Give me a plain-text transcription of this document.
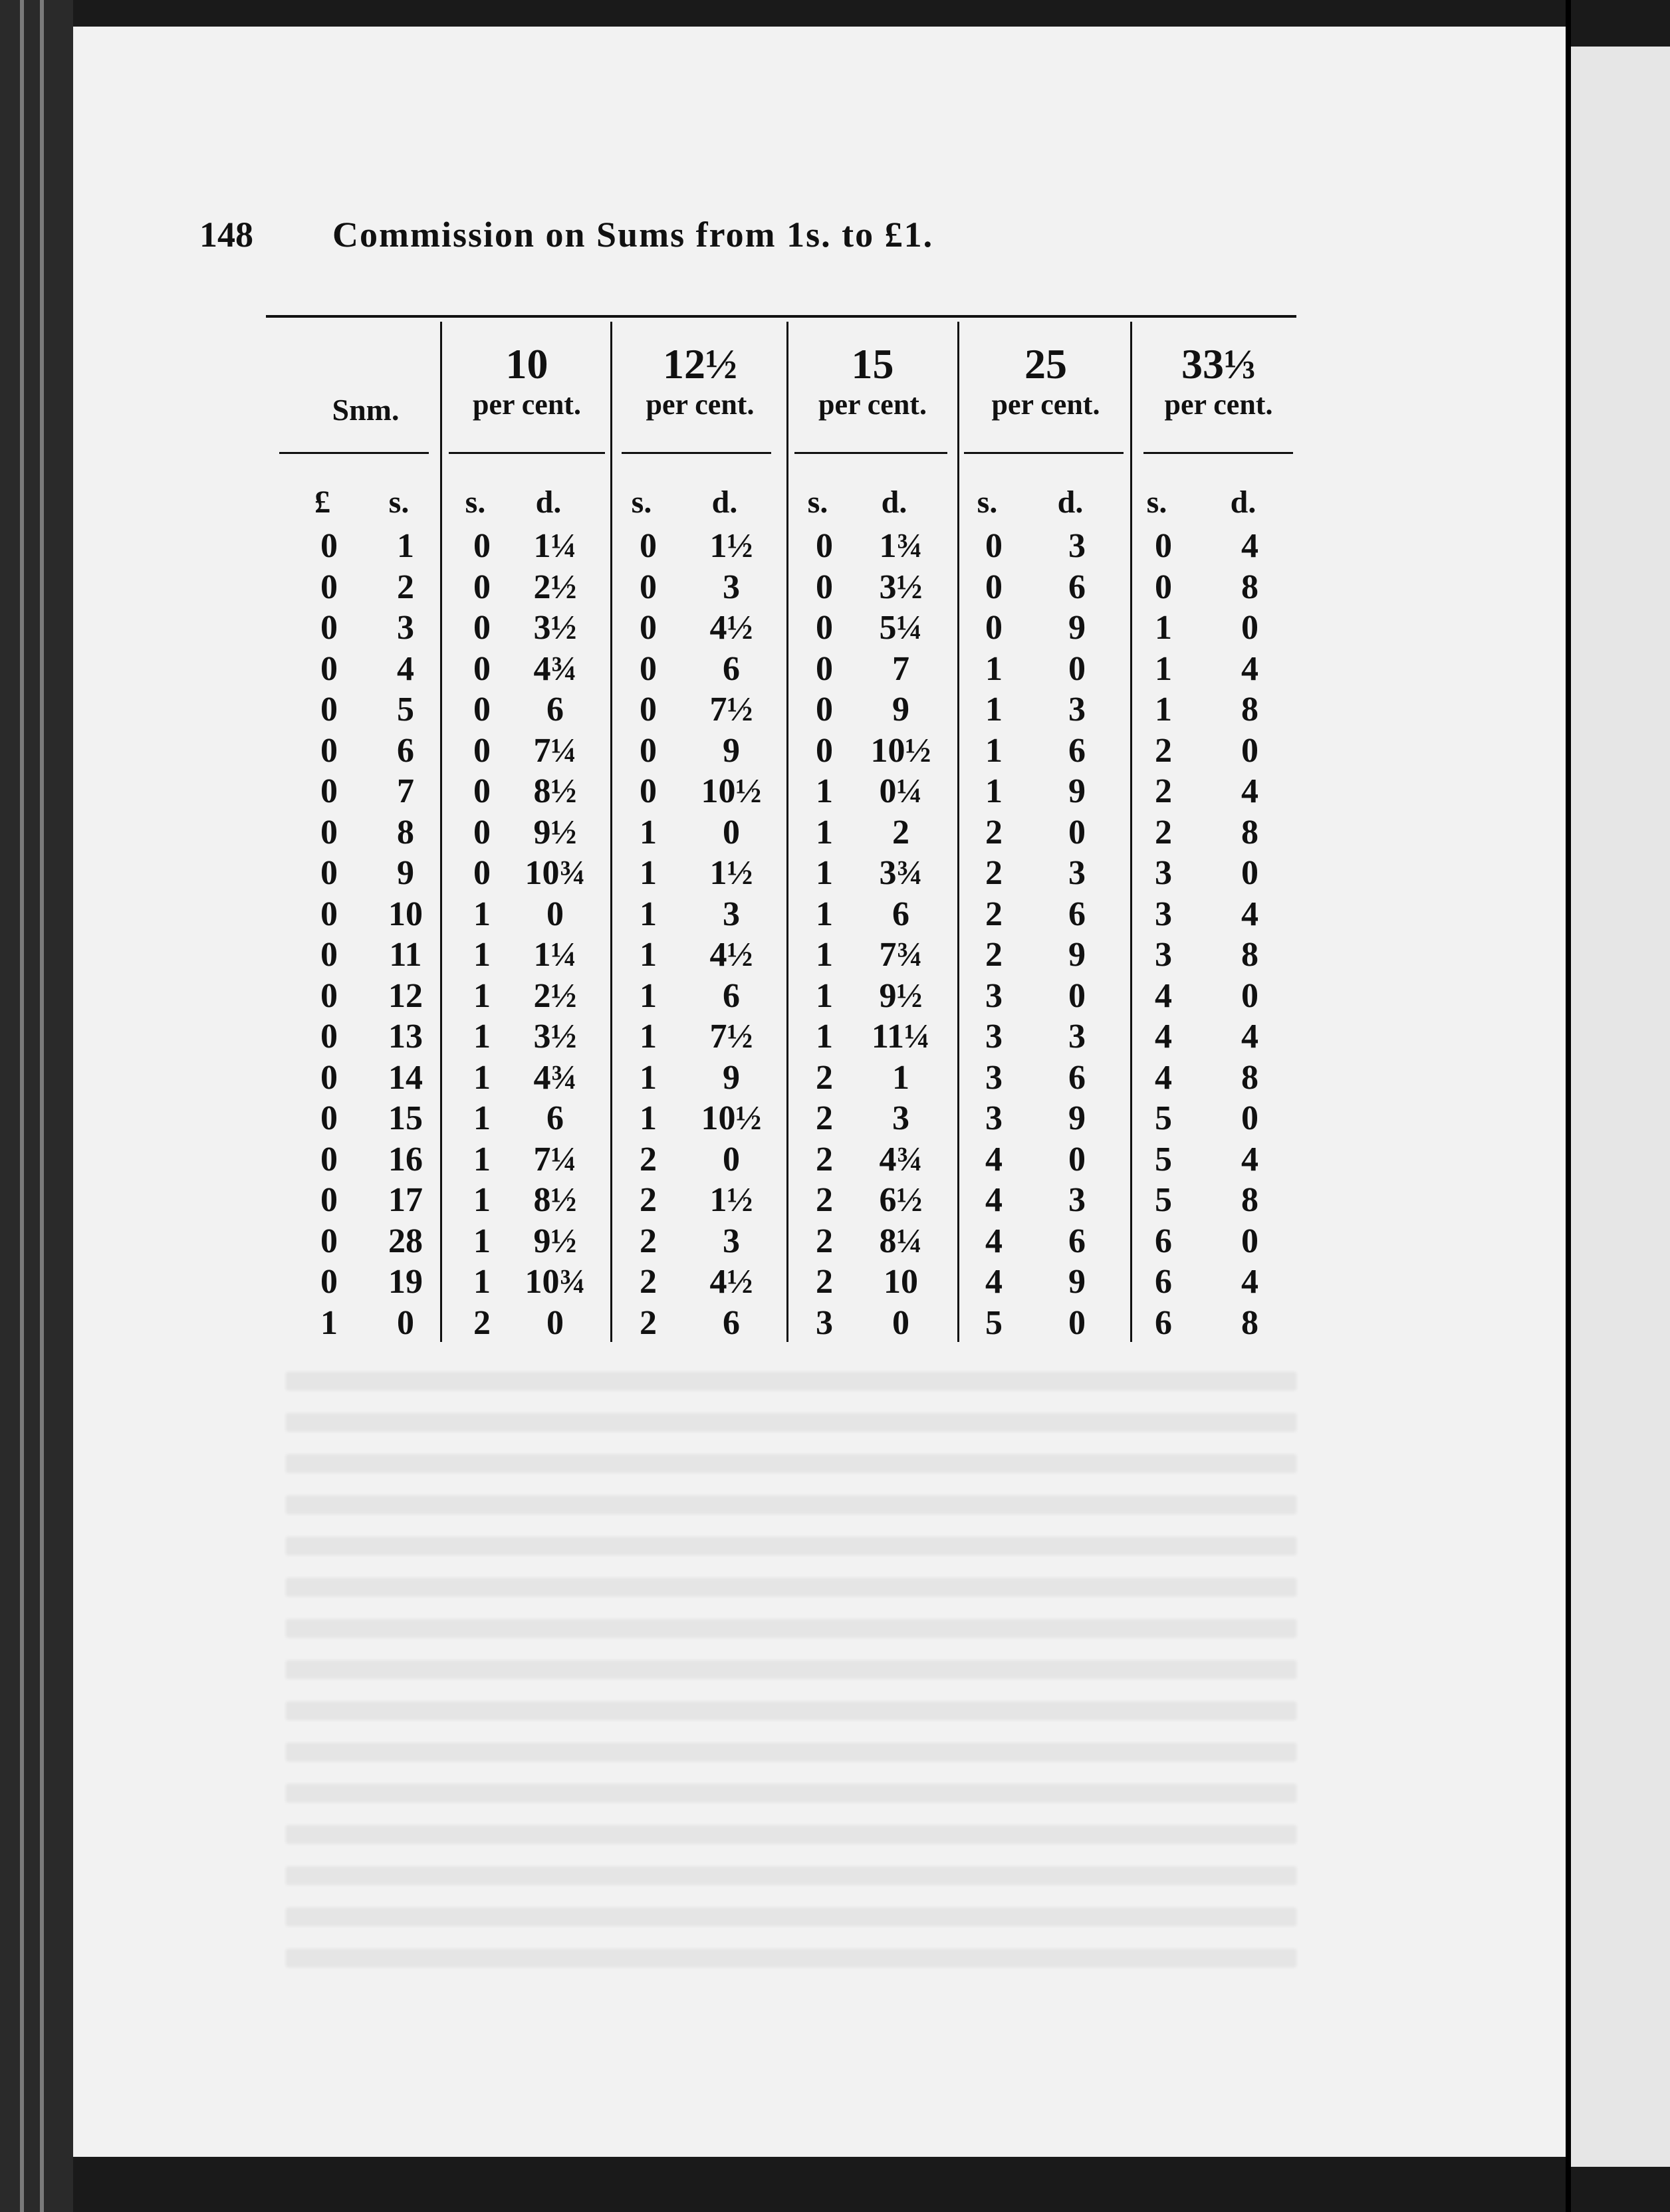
148 Commission on Sums from 1s. to £1.
Snm.
10
per cent.
12½
per cent.
15
per cent.
25
per cent.
33⅓
per cent.
£	s.	s.	d.	s.	d.	s.	d.	s.	d.	s.	d.
0	1	0	1¼	0	1½	0	1¾	0	3	0	4
0	2	0	2½	0	3	0	3½	0	6	0	8
0	3	0	3½	0	4½	0	5¼	0	9	1	0
0	4	0	4¾	0	6	0	7	1	0	1	4
0	5	0	6	0	7½	0	9	1	3	1	8
0	6	0	7¼	0	9	0	10½	1	6	2	0
0	7	0	8½	0	10½	1	0¼	1	9	2	4
0	8	0	9½	1	0	1	2	2	0	2	8
0	9	0 10¾	1	1½	1	3¾	2	3	3	0
0	10	1	0	1	3	1	6	2	6	3	4
0	11	1	1¼	1	4½	1	7¾	2	9	3	8
0	12	1	2½	1	6	1	9½	3	0	4	0
0	13	1	3½	1	7½	1	11¼	3	3	4	4
0	14	1	4¾	1	9	2	1	3	6	4	8
0	15	1	6	1	10½	2	3	3	9	5	0
0	16	1	7¼	2	0	2	4¾	4	0	5	4
0	17	1	8½	2	1½	2	6½	4	3	5	8
0	28	1	9½	2	3	2	8¼	4	6	6	0
0	19	1 10¾	2	4½	2	10	4	9	6	4
1	0	2	0	2	6	3	0	5	0	6	8
